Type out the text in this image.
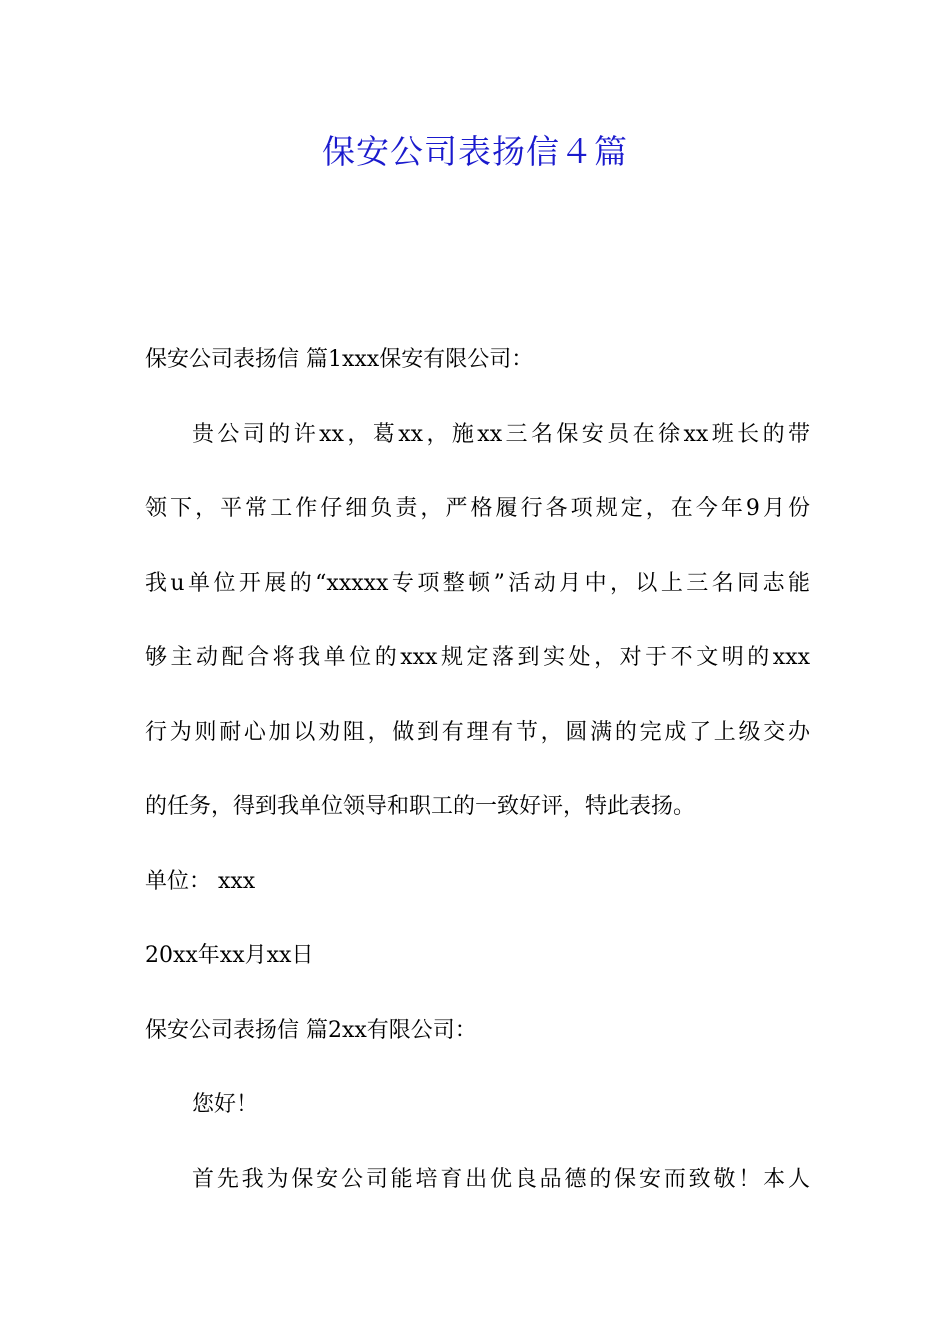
保安公司表扬信４篇
保安公司表扬信 篇1xxx保安有限公司：
贵公司的许xx，葛xx，施xx三名保安员在徐xx班长的带
领下，平常工作仔细负责，严格履行各项规定，在今年9月份
我u单位开展的“xxxxx专项整顿”活动月中，以上三名同志能
够主动配合将我单位的xxx规定落到实处，对于不文明的xxx
行为则耐心加以劝阻，做到有理有节，圆满的完成了上级交办
的任务，得到我单位领导和职工的一致好评，特此表扬。
单位： xxx
20xx年xx月xx日
保安公司表扬信 篇2xx有限公司：
您好！
首先我为保安公司能培育出优良品德的保安而致敬！本人
